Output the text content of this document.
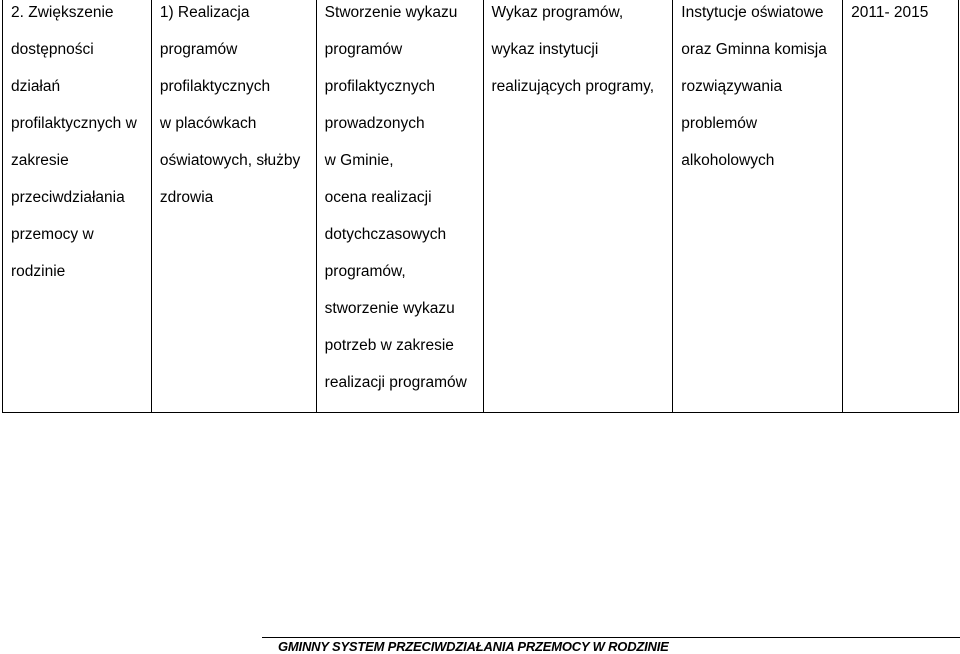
2. Zwiększenie
dostępności
działań
profilaktycznych w
zakresie
przeciwdziałania
przemocy w
rodzinie
1) Realizacja
programów
profilaktycznych
w placówkach
oświatowych, służby
zdrowia
Stworzenie wykazu
programów
profilaktycznych
prowadzonych
w Gminie,
ocena realizacji
dotychczasowych
programów,
stworzenie wykazu
potrzeb w zakresie
realizacji programów
Wykaz programów,
wykaz instytucji
realizujących programy,
Instytucje oświatowe
oraz Gminna komisja
rozwiązywania
problemów
alkoholowych
2011- 2015
GMINNY SYSTEM PRZECIWDZIAŁANIA PRZEMOCY W RODZINIE
